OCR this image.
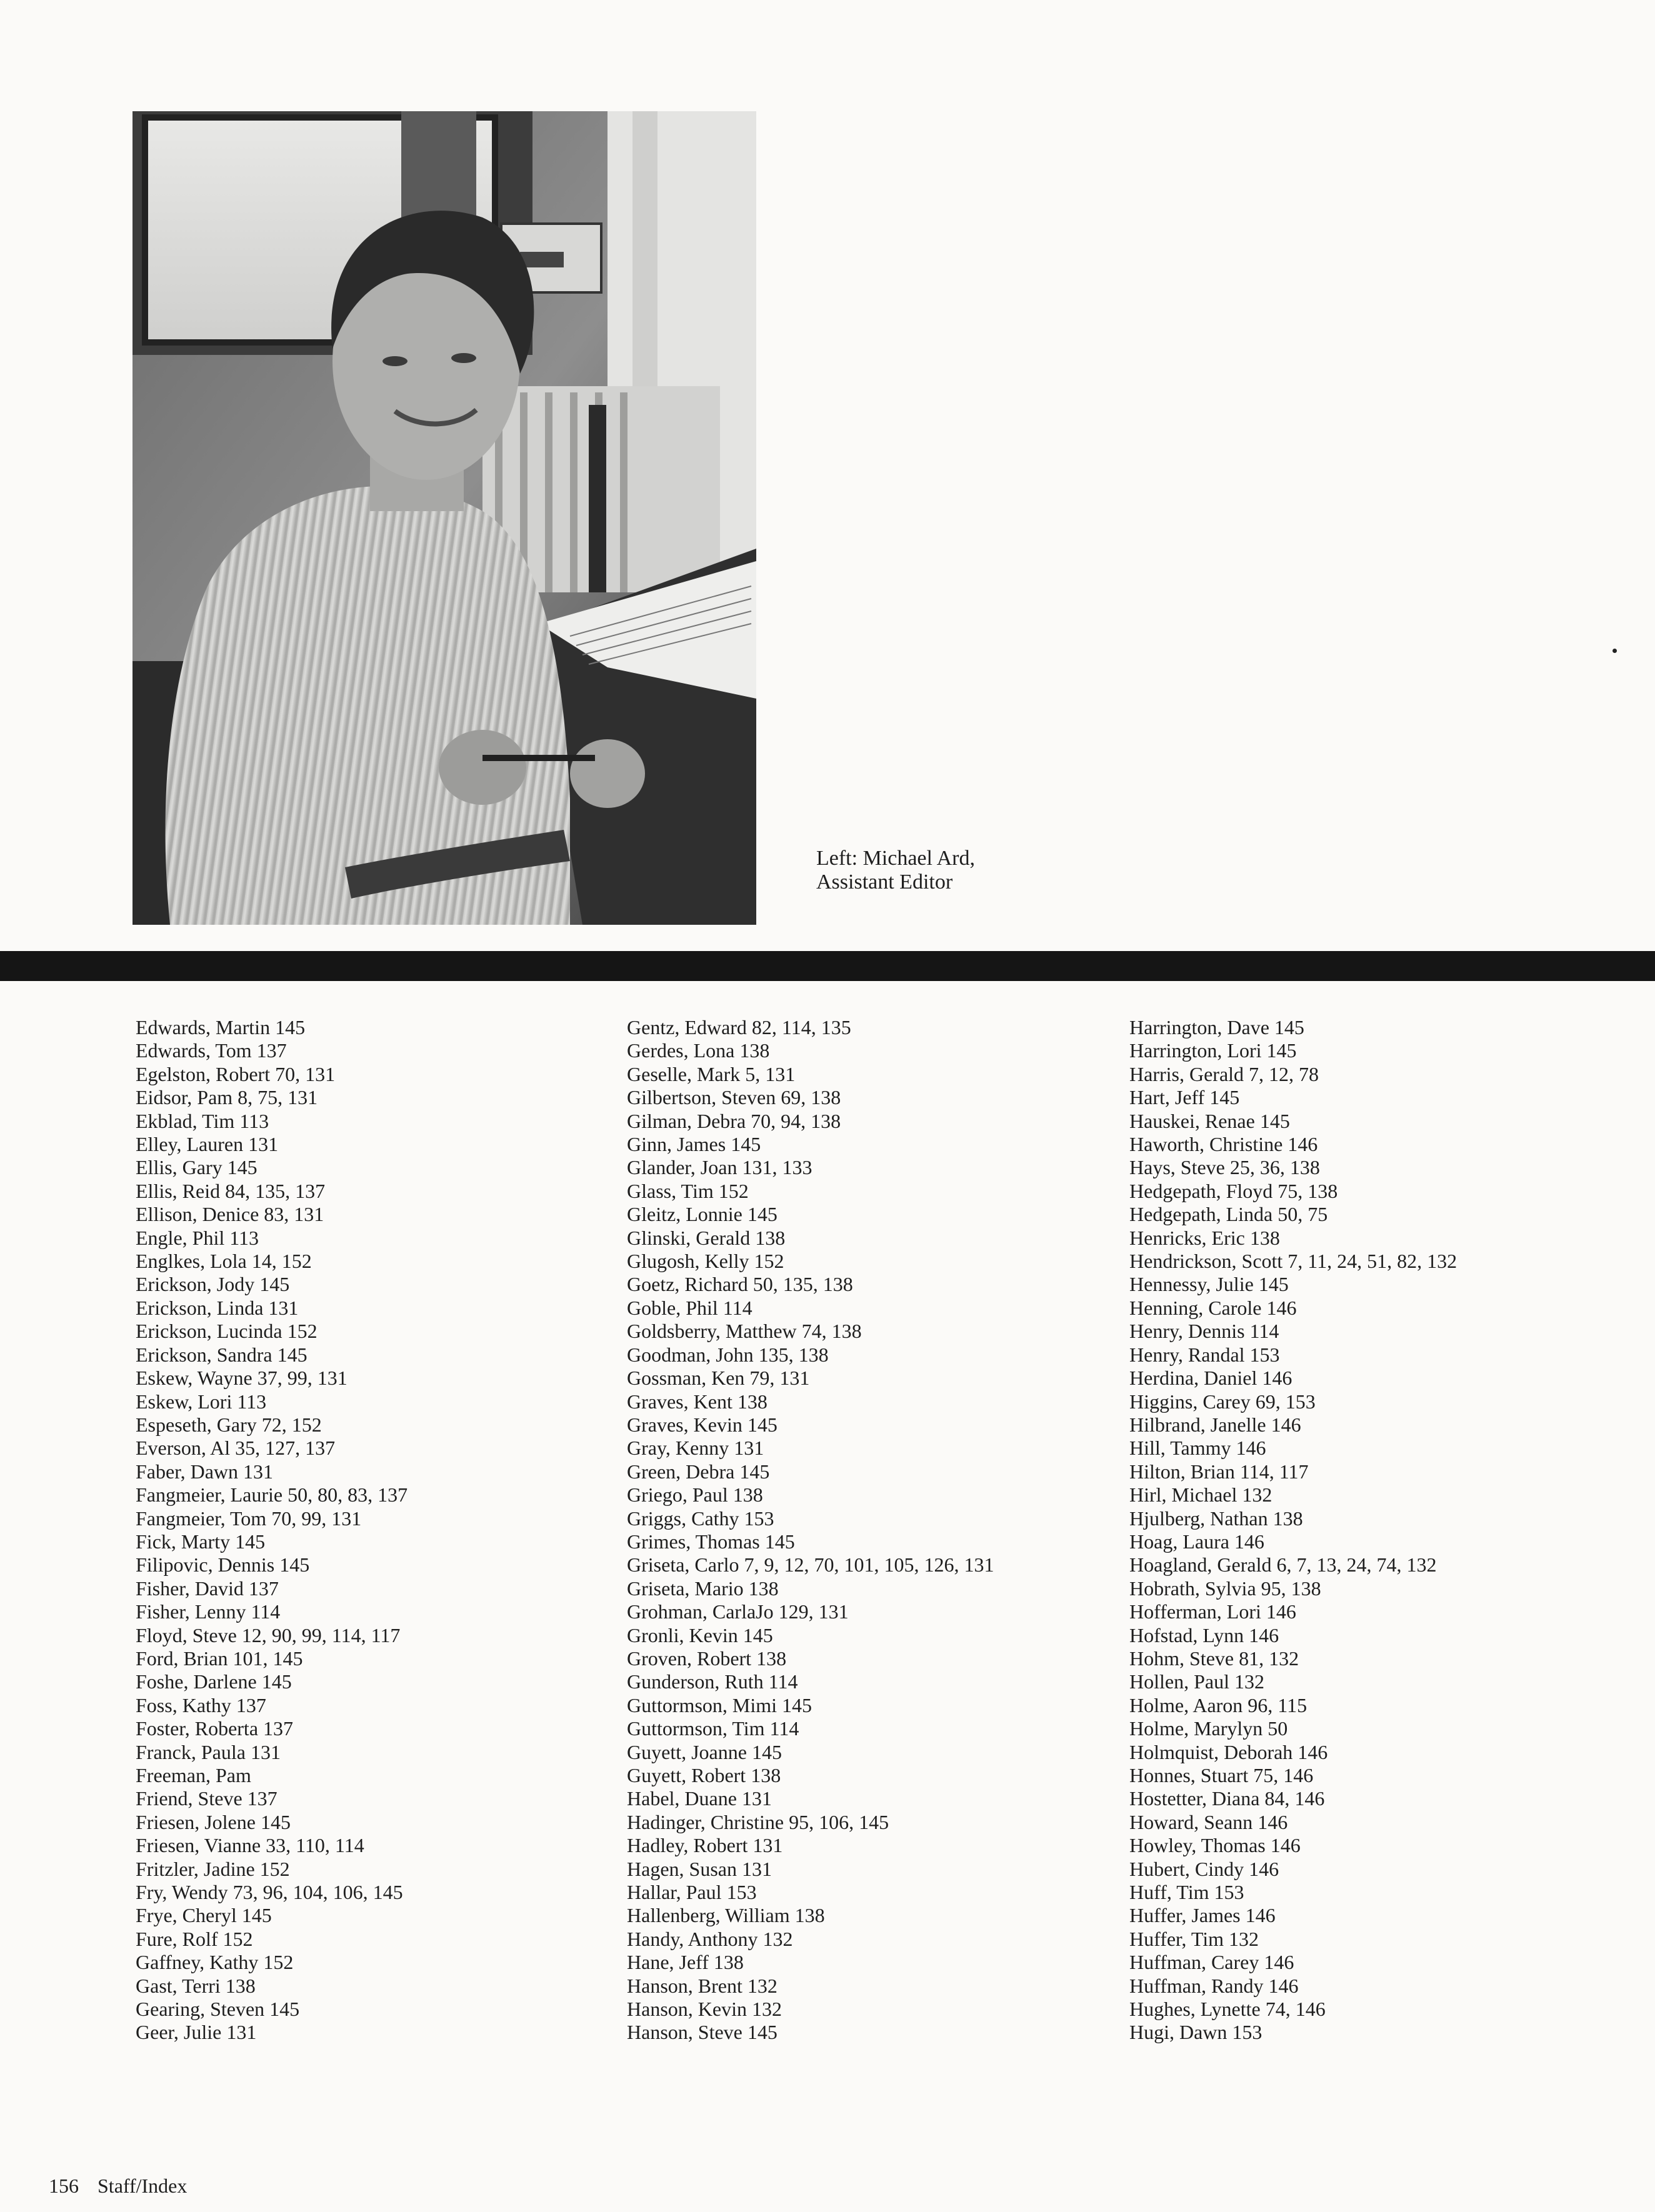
Left: Michael Ard,
Assistant Editor
Edwards, Martin 145
Edwards, Tom 137
Egelston, Robert 70, 131
Eidsor, Pam 8, 75, 131
Ekblad, Tim 113
Elley, Lauren 131
Ellis, Gary 145
Ellis, Reid 84, 135, 137
Ellison, Denice 83, 131
Engle, Phil 113
Englkes, Lola 14, 152
Erickson, Jody 145
Erickson, Linda 131
Erickson, Lucinda 152
Erickson, Sandra 145
Eskew, Wayne 37, 99, 131
Eskew, Lori 113
Espeseth, Gary 72, 152
Everson, Al 35, 127, 137
Faber, Dawn 131
Fangmeier, Laurie 50, 80, 83, 137
Fangmeier, Tom 70, 99, 131
Fick, Marty 145
Filipovic, Dennis 145
Fisher, David 137
Fisher, Lenny 114
Floyd, Steve 12, 90, 99, 114, 117
Ford, Brian 101, 145
Foshe, Darlene 145
Foss, Kathy 137
Foster, Roberta 137
Franck, Paula 131
Freeman, Pam
Friend, Steve 137
Friesen, Jolene 145
Friesen, Vianne 33, 110, 114
Fritzler, Jadine 152
Fry, Wendy 73, 96, 104, 106, 145
Frye, Cheryl 145
Fure, Rolf 152
Gaffney, Kathy 152
Gast, Terri 138
Gearing, Steven 145
Geer, Julie 131
Gentz, Edward 82, 114, 135
Gerdes, Lona 138
Geselle, Mark 5, 131
Gilbertson, Steven 69, 138
Gilman, Debra 70, 94, 138
Ginn, James 145
Glander, Joan 131, 133
Glass, Tim 152
Gleitz, Lonnie 145
Glinski, Gerald 138
Glugosh, Kelly 152
Goetz, Richard 50, 135, 138
Goble, Phil 114
Goldsberry, Matthew 74, 138
Goodman, John 135, 138
Gossman, Ken 79, 131
Graves, Kent 138
Graves, Kevin 145
Gray, Kenny 131
Green, Debra 145
Griego, Paul 138
Griggs, Cathy 153
Grimes, Thomas 145
Griseta, Carlo 7, 9, 12, 70, 101, 105, 126, 131
Griseta, Mario 138
Grohman, CarlaJo 129, 131
Gronli, Kevin 145
Groven, Robert 138
Gunderson, Ruth 114
Guttormson, Mimi 145
Guttormson, Tim 114
Guyett, Joanne 145
Guyett, Robert 138
Habel, Duane 131
Hadinger, Christine 95, 106, 145
Hadley, Robert 131
Hagen, Susan 131
Hallar, Paul 153
Hallenberg, William 138
Handy, Anthony 132
Hane, Jeff 138
Hanson, Brent 132
Hanson, Kevin 132
Hanson, Steve 145
Harrington, Dave 145
Harrington, Lori 145
Harris, Gerald 7, 12, 78
Hart, Jeff 145
Hauskei, Renae 145
Haworth, Christine 146
Hays, Steve 25, 36, 138
Hedgepath, Floyd 75, 138
Hedgepath, Linda 50, 75
Henricks, Eric 138
Hendrickson, Scott 7, 11, 24, 51, 82, 132
Hennessy, Julie 145
Henning, Carole 146
Henry, Dennis 114
Henry, Randal 153
Herdina, Daniel 146
Higgins, Carey 69, 153
Hilbrand, Janelle 146
Hill, Tammy 146
Hilton, Brian 114, 117
Hirl, Michael 132
Hjulberg, Nathan 138
Hoag, Laura 146
Hoagland, Gerald 6, 7, 13, 24, 74, 132
Hobrath, Sylvia 95, 138
Hofferman, Lori 146
Hofstad, Lynn 146
Hohm, Steve 81, 132
Hollen, Paul 132
Holme, Aaron 96, 115
Holme, Marylyn 50
Holmquist, Deborah 146
Honnes, Stuart 75, 146
Hostetter, Diana 84, 146
Howard, Seann 146
Howley, Thomas 146
Hubert, Cindy 146
Huff, Tim 153
Huffer, James 146
Huffer, Tim 132
Huffman, Carey 146
Huffman, Randy 146
Hughes, Lynette 74, 146
Hugi, Dawn 153
156 Staff/Index
